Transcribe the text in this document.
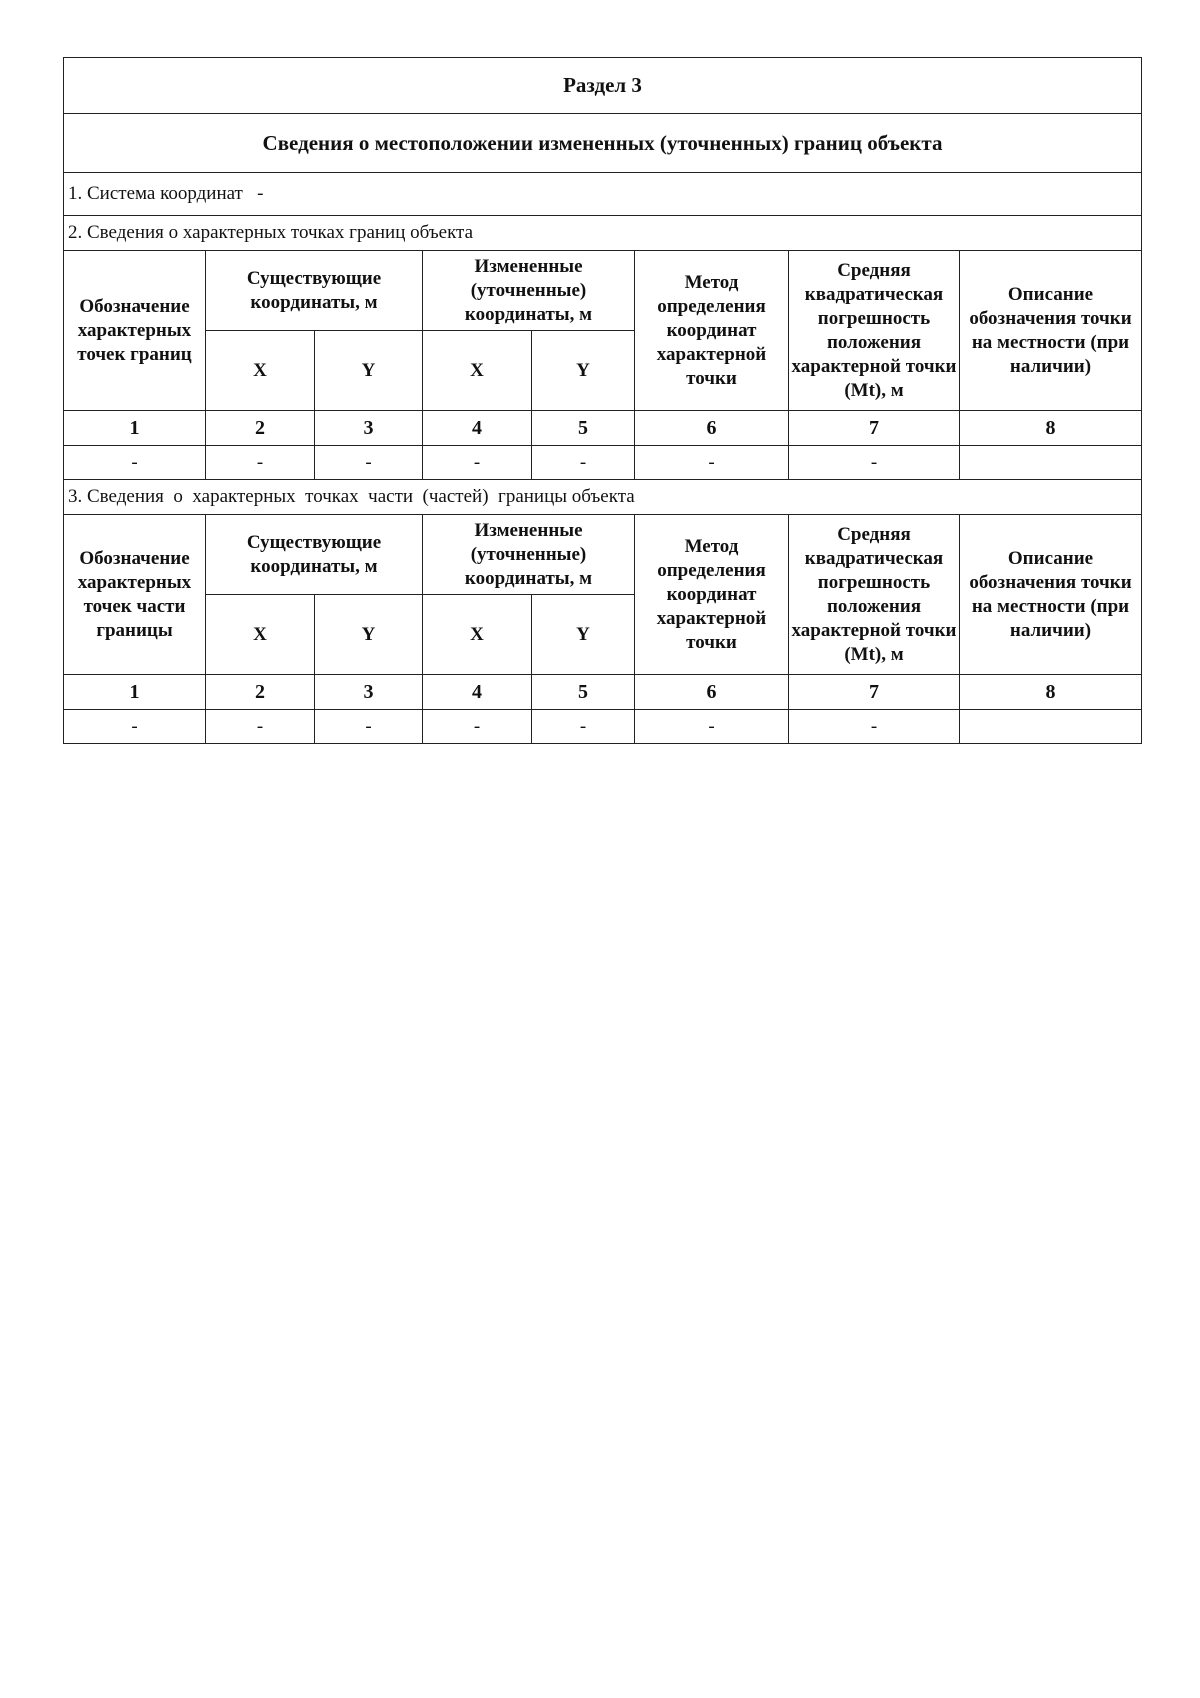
Раздел 3							
Сведения о местоположении измененных (уточненных) границ объекта							
1. Система координат -							
2. Сведения о характерных точках границ объекта							
Обозначение характерных точек границ	Существующие координаты, м		Измененные (уточненные) координаты, м		Метод определения координат характерной точки	Средняя квадратическая погрешность положения характерной точки (Mt), м	Описание обозначения точки на местности (при наличии)
	X	Y	X	Y			
1	2	3	4	5	6	7	8
-	-	-	-	-	-	-	
3. Сведения  о  характерных  точках  части  (частей)  границы объекта							
Обозначение характерных точек части границы	Существующие координаты, м		Измененные (уточненные) координаты, м		Метод определения координат характерной точки	Средняя квадратическая погрешность положения характерной точки (Mt), м	Описание обозначения точки на местности (при наличии)
	X	Y	X	Y			
1	2	3	4	5	6	7	8
-	-	-	-	-	-	-	
